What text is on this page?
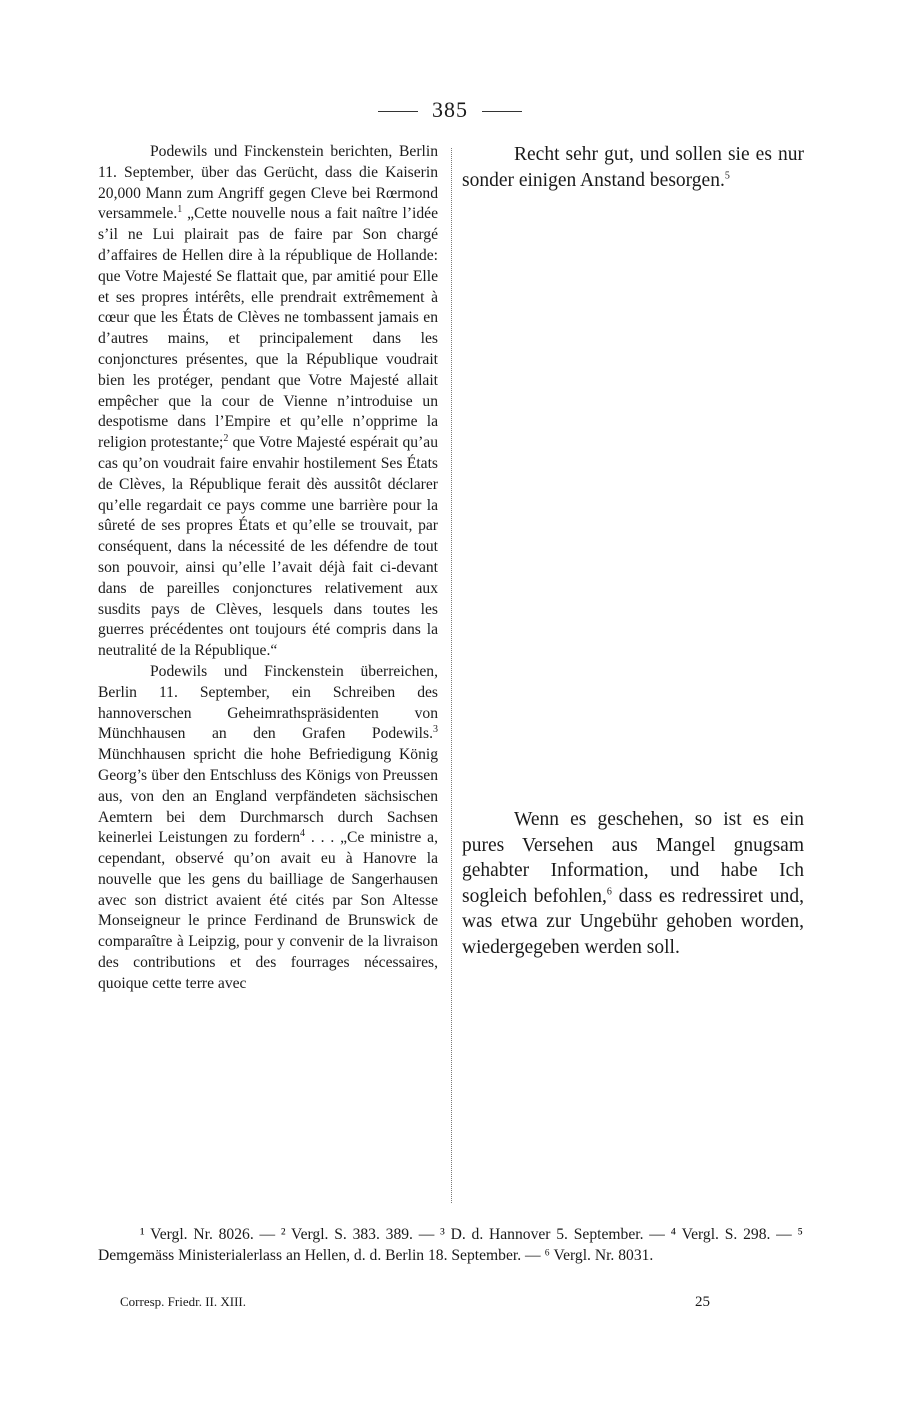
385

Podewils und Finckenstein berichten, Berlin 11. September, über das Gerücht, dass die Kaiserin 20,000 Mann zum Angriff gegen Cleve bei Rœrmond versammele.$^1$ „Cette nouvelle nous a fait naître l’idée s’il ne Lui plairait pas de faire par Son chargé d’affaires de Hellen dire à la république de Hollande: que Votre Majesté Se flattait que, par amitié pour Elle et ses propres intérêts, elle prendrait extrêmement à cœur que les États de Clèves ne tombassent jamais en d’autres mains, et principalement dans les conjonctures présentes, que la République voudrait bien les protéger, pendant que Votre Majesté allait empêcher que la cour de Vienne n’introduise un despotisme dans l’Empire et qu’elle n’opprime la religion protestante;$^2$ que Votre Majesté espérait qu’au cas qu’on voudrait faire envahir hostilement Ses États de Clèves, la République ferait dès aussitôt déclarer qu’elle regardait ce pays comme une barrière pour la sûreté de ses propres États et qu’elle se trouvait, par conséquent, dans la nécessité de les défendre de tout son pouvoir, ainsi qu’elle l’avait déjà fait ci-devant dans de pareilles conjonctures relativement aux susdits pays de Clèves, lesquels dans toutes les guerres précédentes ont toujours été compris dans la neutralité de la République.“

Podewils und Finckenstein überreichen, Berlin 11. September, ein Schreiben des hannoverschen Geheimrathspräsidenten von Münchhausen an den Grafen Podewils.$^3$ Münchhausen spricht die hohe Befriedigung König Georg’s über den Entschluss des Königs von Preussen aus, von den an England verpfändeten sächsischen Aemtern bei dem Durchmarsch durch Sachsen keinerlei Leistungen zu fordern$^4$ . . . „Ce ministre a, cependant, observé qu’on avait eu à Hanovre la nouvelle que les gens du bailliage de Sangerhausen avec son district avaient été cités par Son Altesse Monseigneur le prince Ferdinand de Brunswick de comparaître à Leipzig, pour y convenir de la livraison des contributions et des fourrages nécessaires, quoique cette terre avec

Recht sehr gut, und sollen sie es nur sonder einigen Anstand besorgen.$^5$

Wenn es geschehen, so ist es ein pures Versehen aus Mangel gnugsam gehabter Information, und habe Ich sogleich befohlen,$^6$ dass es redressiret und, was etwa zur Ungebühr gehoben worden, wiedergegeben werden soll.

¹ Vergl. Nr. 8026. — ² Vergl. S. 383. 389. — ³ D. d. Hannover 5. September. — ⁴ Vergl. S. 298. — ⁵ Demgemäss Ministerialerlass an Hellen, d. d. Berlin 18. September. — ⁶ Vergl. Nr. 8031.

Corresp. Friedr. II. XIII.	25
